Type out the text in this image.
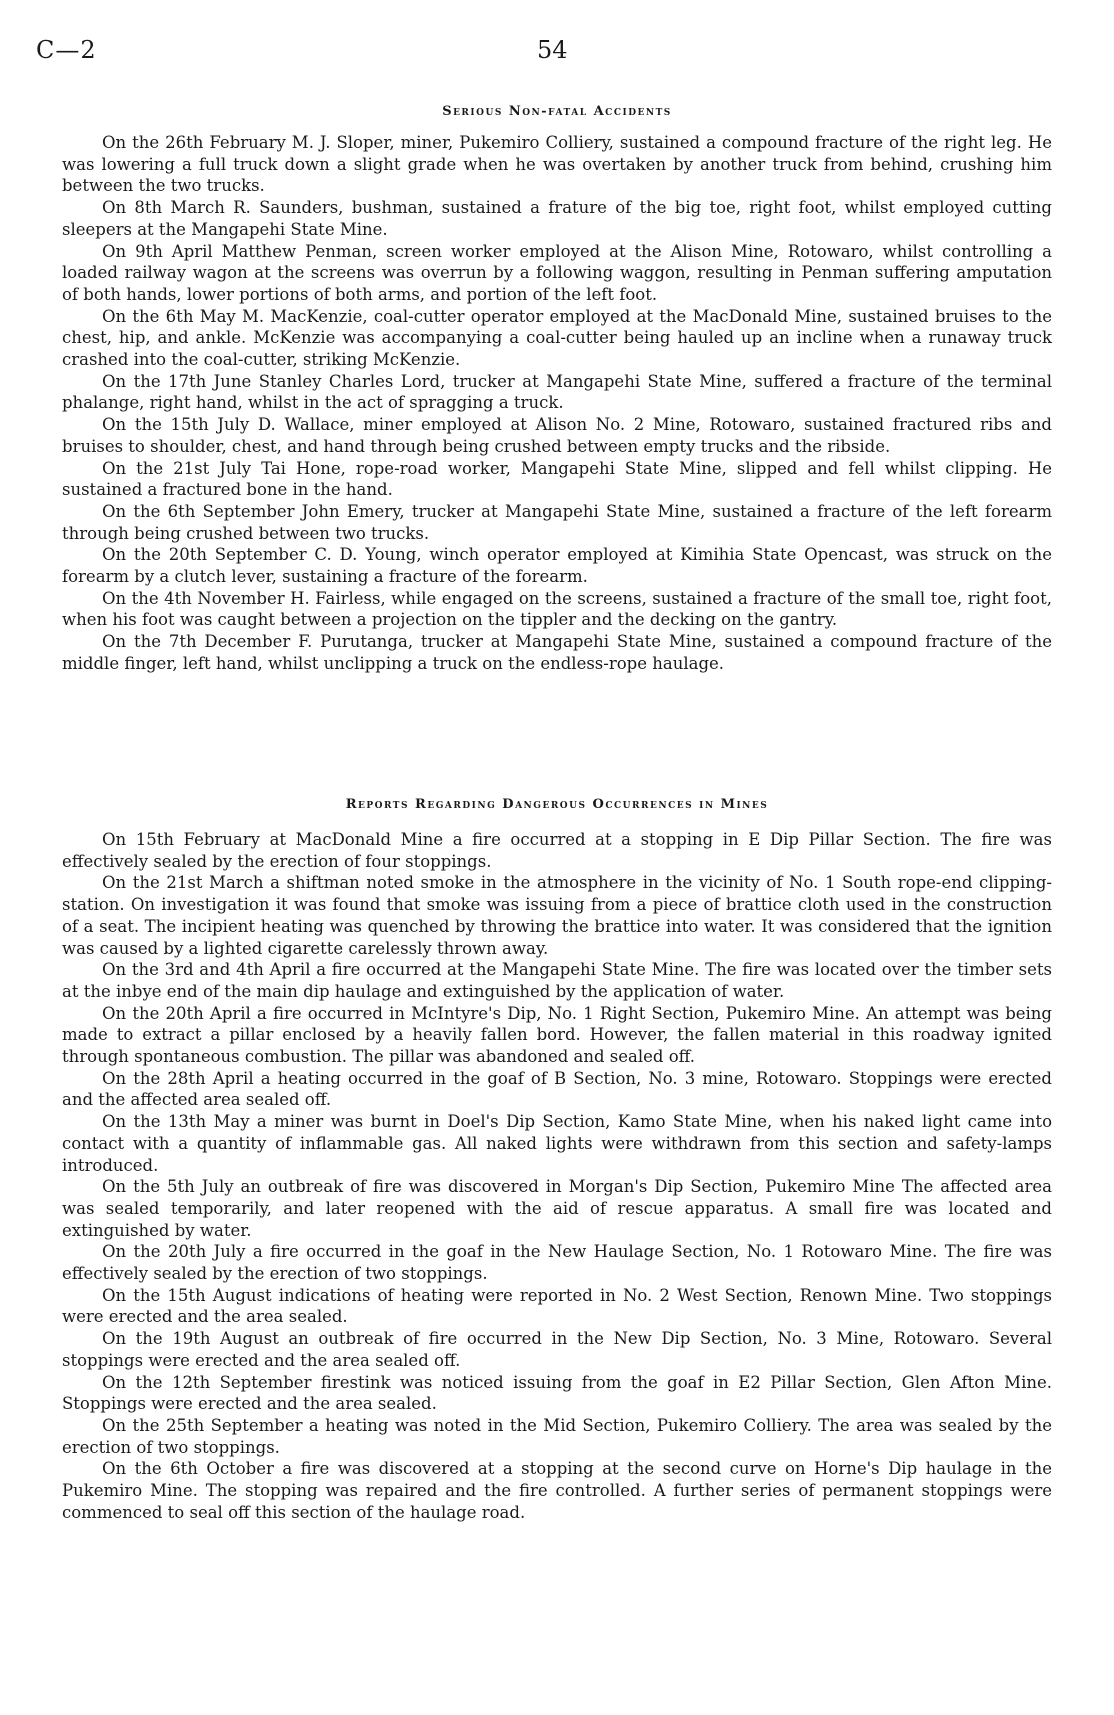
C—2	54
Serious Non-fatal Accidents

On the 26th February M. J. Sloper, miner, Pukemiro Colliery, sustained a compound fracture of the right leg. He was lowering a full truck down a slight grade when he was overtaken by another truck from behind, crushing him between the two trucks.

On 8th March R. Saunders, bushman, sustained a frature of the big toe, right foot, whilst employed cutting sleepers at the Mangapehi State Mine.

On 9th April Matthew Penman, screen worker employed at the Alison Mine, Rotowaro, whilst controlling a loaded railway wagon at the screens was overrun by a following waggon, resulting in Penman suffering amputation of both hands, lower portions of both arms, and portion of the left foot.

On the 6th May M. MacKenzie, coal-cutter operator employed at the MacDonald Mine, sustained bruises to the chest, hip, and ankle. McKenzie was accompanying a coal-cutter being hauled up an incline when a runaway truck crashed into the coal-cutter, striking McKenzie.

On the 17th June Stanley Charles Lord, trucker at Mangapehi State Mine, suffered a fracture of the terminal phalange, right hand, whilst in the act of spragging a truck.

On the 15th July D. Wallace, miner employed at Alison No. 2 Mine, Rotowaro, sustained fractured ribs and bruises to shoulder, chest, and hand through being crushed between empty trucks and the ribside.

On the 21st July Tai Hone, rope-road worker, Mangapehi State Mine, slipped and fell whilst clipping. He sustained a fractured bone in the hand.

On the 6th September John Emery, trucker at Mangapehi State Mine, sustained a fracture of the left forearm through being crushed between two trucks.

On the 20th September C. D. Young, winch operator employed at Kimihia State Opencast, was struck on the forearm by a clutch lever, sustaining a fracture of the forearm.

On the 4th November H. Fairless, while engaged on the screens, sustained a fracture of the small toe, right foot, when his foot was caught between a projection on the tippler and the decking on the gantry.

On the 7th December F. Purutanga, trucker at Mangapehi State Mine, sustained a compound fracture of the middle finger, left hand, whilst unclipping a truck on the endless-rope haulage.

Reports Regarding Dangerous Occurrences in Mines

On 15th February at MacDonald Mine a fire occurred at a stopping in E Dip Pillar Section. The fire was effectively sealed by the erection of four stoppings.

On the 21st March a shiftman noted smoke in the atmosphere in the vicinity of No. 1 South rope-end clipping-station. On investigation it was found that smoke was issuing from a piece of brattice cloth used in the construction of a seat. The incipient heating was quenched by throwing the brattice into water. It was considered that the ignition was caused by a lighted cigarette carelessly thrown away.

On the 3rd and 4th April a fire occurred at the Mangapehi State Mine. The fire was located over the timber sets at the inbye end of the main dip haulage and extinguished by the application of water.

On the 20th April a fire occurred in McIntyre's Dip, No. 1 Right Section, Pukemiro Mine. An attempt was being made to extract a pillar enclosed by a heavily fallen bord. However, the fallen material in this roadway ignited through spontaneous combustion. The pillar was abandoned and sealed off.

On the 28th April a heating occurred in the goaf of B Section, No. 3 mine, Rotowaro. Stoppings were erected and the affected area sealed off.

On the 13th May a miner was burnt in Doel's Dip Section, Kamo State Mine, when his naked light came into contact with a quantity of inflammable gas. All naked lights were withdrawn from this section and safety-lamps introduced.

On the 5th July an outbreak of fire was discovered in Morgan's Dip Section, Pukemiro Mine The affected area was sealed temporarily, and later reopened with the aid of rescue apparatus. A small fire was located and extinguished by water.

On the 20th July a fire occurred in the goaf in the New Haulage Section, No. 1 Rotowaro Mine. The fire was effectively sealed by the erection of two stoppings.

On the 15th August indications of heating were reported in No. 2 West Section, Renown Mine. Two stoppings were erected and the area sealed.

On the 19th August an outbreak of fire occurred in the New Dip Section, No. 3 Mine, Rotowaro. Several stoppings were erected and the area sealed off.

On the 12th September firestink was noticed issuing from the goaf in E2 Pillar Section, Glen Afton Mine. Stoppings were erected and the area sealed.

On the 25th September a heating was noted in the Mid Section, Pukemiro Colliery. The area was sealed by the erection of two stoppings.

On the 6th October a fire was discovered at a stopping at the second curve on Horne's Dip haulage in the Pukemiro Mine. The stopping was repaired and the fire controlled. A further series of permanent stoppings were commenced to seal off this section of the haulage road.
